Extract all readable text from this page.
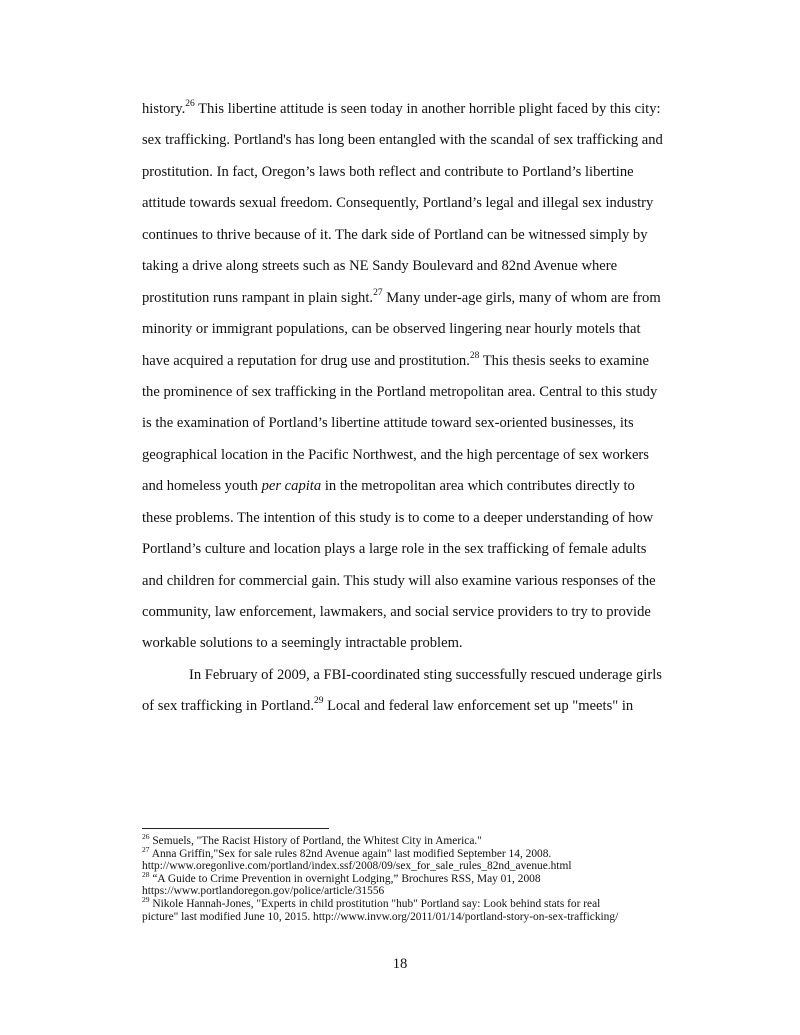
history.$^{26}$ This libertine attitude is seen today in another horrible plight faced by this city:
sex trafficking. Portland's has long been entangled with the scandal of sex trafficking and
prostitution. In fact, Oregon’s laws both reflect and contribute to Portland’s libertine
attitude towards sexual freedom. Consequently, Portland’s legal and illegal sex industry
continues to thrive because of it. The dark side of Portland can be witnessed simply by
taking a drive along streets such as NE Sandy Boulevard and 82nd Avenue where
prostitution runs rampant in plain sight.$^{27}$ Many under-age girls, many of whom are from
minority or immigrant populations, can be observed lingering near hourly motels that
have acquired a reputation for drug use and prostitution.$^{28}$ This thesis seeks to examine
the prominence of sex trafficking in the Portland metropolitan area. Central to this study
is the examination of Portland’s libertine attitude toward sex-oriented businesses, its
geographical location in the Pacific Northwest, and the high percentage of sex workers
and homeless youth per capita in the metropolitan area which contributes directly to
these problems. The intention of this study is to come to a deeper understanding of how
Portland’s culture and location plays a large role in the sex trafficking of female adults
and children for commercial gain. This study will also examine various responses of the
community, law enforcement, lawmakers, and social service providers to try to provide
workable solutions to a seemingly intractable problem.
In February of 2009, a FBI-coordinated sting successfully rescued underage girls
of sex trafficking in Portland.$^{29}$ Local and federal law enforcement set up "meets" in
$^{26}$ Semuels, "The Racist History of Portland, the Whitest City in America."
$^{27}$ Anna Griffin,"Sex for sale rules 82nd Avenue again" last modified September 14, 2008.
http://www.oregonlive.com/portland/index.ssf/2008/09/sex_for_sale_rules_82nd_avenue.html
$^{28}$ “A Guide to Crime Prevention in overnight Lodging,” Brochures RSS, May 01, 2008
https://www.portlandoregon.gov/police/article/31556
$^{29}$ Nikole Hannah-Jones, "Experts in child prostitution "hub" Portland say: Look behind stats for real
picture" last modified June 10, 2015. http://www.invw.org/2011/01/14/portland-story-on-sex-trafficking/
18
